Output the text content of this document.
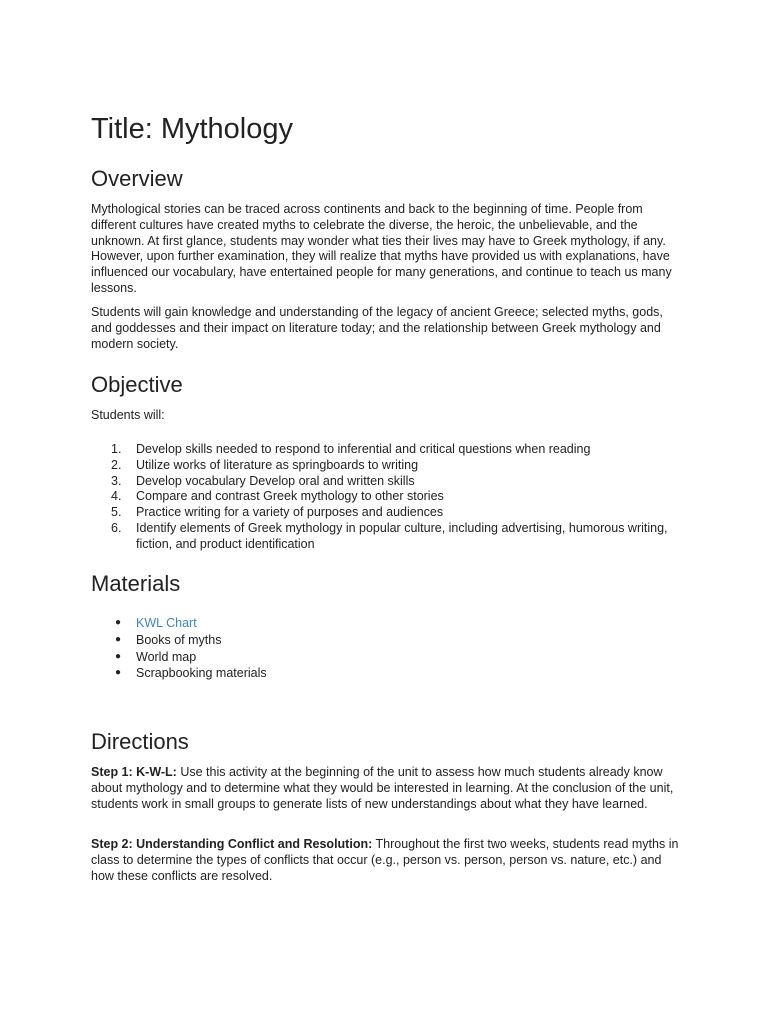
Title: Mythology
Overview

Mythological stories can be traced across continents and back to the beginning of time. People from different cultures have created myths to celebrate the diverse, the heroic, the unbelievable, and the unknown. At first glance, students may wonder what ties their lives may have to Greek mythology, if any. However, upon further examination, they will realize that myths have provided us with explanations, have influenced our vocabulary, have entertained people for many generations, and continue to teach us many lessons.

Students will gain knowledge and understanding of the legacy of ancient Greece; selected myths, gods, and goddesses and their impact on literature today; and the relationship between Greek mythology and modern society.

Objective

Students will:

1.	Develop skills needed to respond to inferential and critical questions when reading
2.	Utilize works of literature as springboards to writing
3.	Develop vocabulary Develop oral and written skills
4.	Compare and contrast Greek mythology to other stories
5.	Practice writing for a variety of purposes and audiences
6.	Identify elements of Greek mythology in popular culture, including advertising, humorous writing, fiction, and product identification
Materials
● KWL Chart
● Books of myths
● World map
● Scrapbooking materials
Directions

Step 1: K-W-L: Use this activity at the beginning of the unit to assess how much students already know about mythology and to determine what they would be interested in learning. At the conclusion of the unit, students work in small groups to generate lists of new understandings about what they have learned.

Step 2: Understanding Conflict and Resolution: Throughout the first two weeks, students read myths in class to determine the types of conflicts that occur (e.g., person vs. person, person vs. nature, etc.) and how these conflicts are resolved.
